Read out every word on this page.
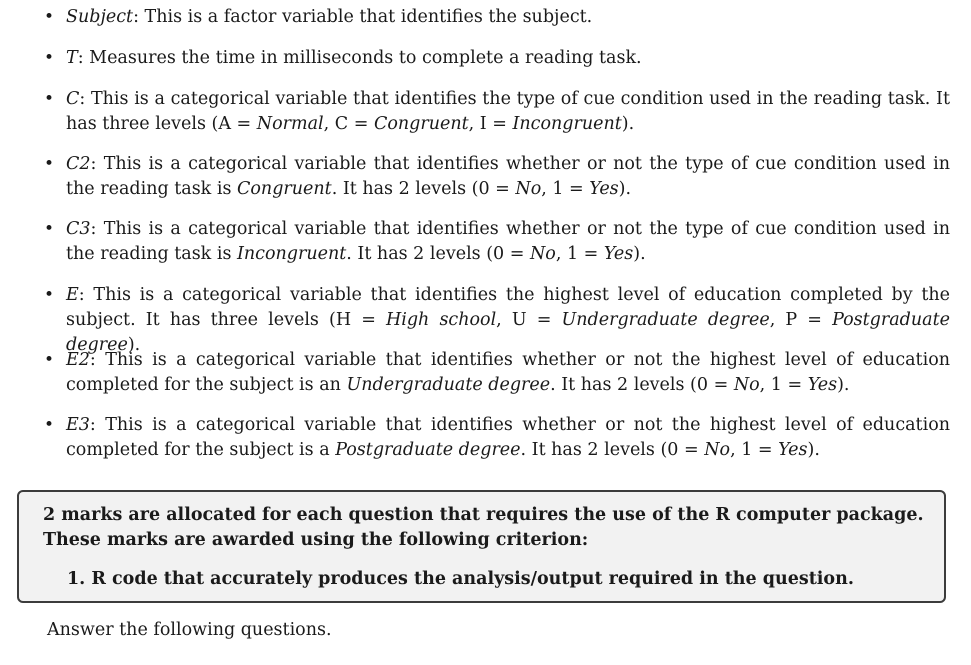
• Subject: This is a factor variable that identifies the subject.
• T: Measures the time in milliseconds to complete a reading task.
• C: This is a categorical variable that identifies the type of cue condition used in the reading task. It has three levels (A = Normal, C = Congruent, I = Incongruent).
• C2: This is a categorical variable that identifies whether or not the type of cue condition used in the reading task is Congruent. It has 2 levels (0 = No, 1 = Yes).
• C3: This is a categorical variable that identifies whether or not the type of cue condition used in the reading task is Incongruent. It has 2 levels (0 = No, 1 = Yes).
• E: This is a categorical variable that identifies the highest level of education completed by the subject. It has three levels (H = High school, U = Undergraduate degree, P = Postgraduate degree).
• E2: This is a categorical variable that identifies whether or not the highest level of education completed for the subject is an Undergraduate degree. It has 2 levels (0 = No, 1 = Yes).
• E3: This is a categorical variable that identifies whether or not the highest level of education completed for the subject is a Postgraduate degree. It has 2 levels (0 = No, 1 = Yes).
2 marks are allocated for each question that requires the use of the R computer package.
These marks are awarded using the following criterion:
1. R code that accurately produces the analysis/output required in the question.
Answer the following questions.
